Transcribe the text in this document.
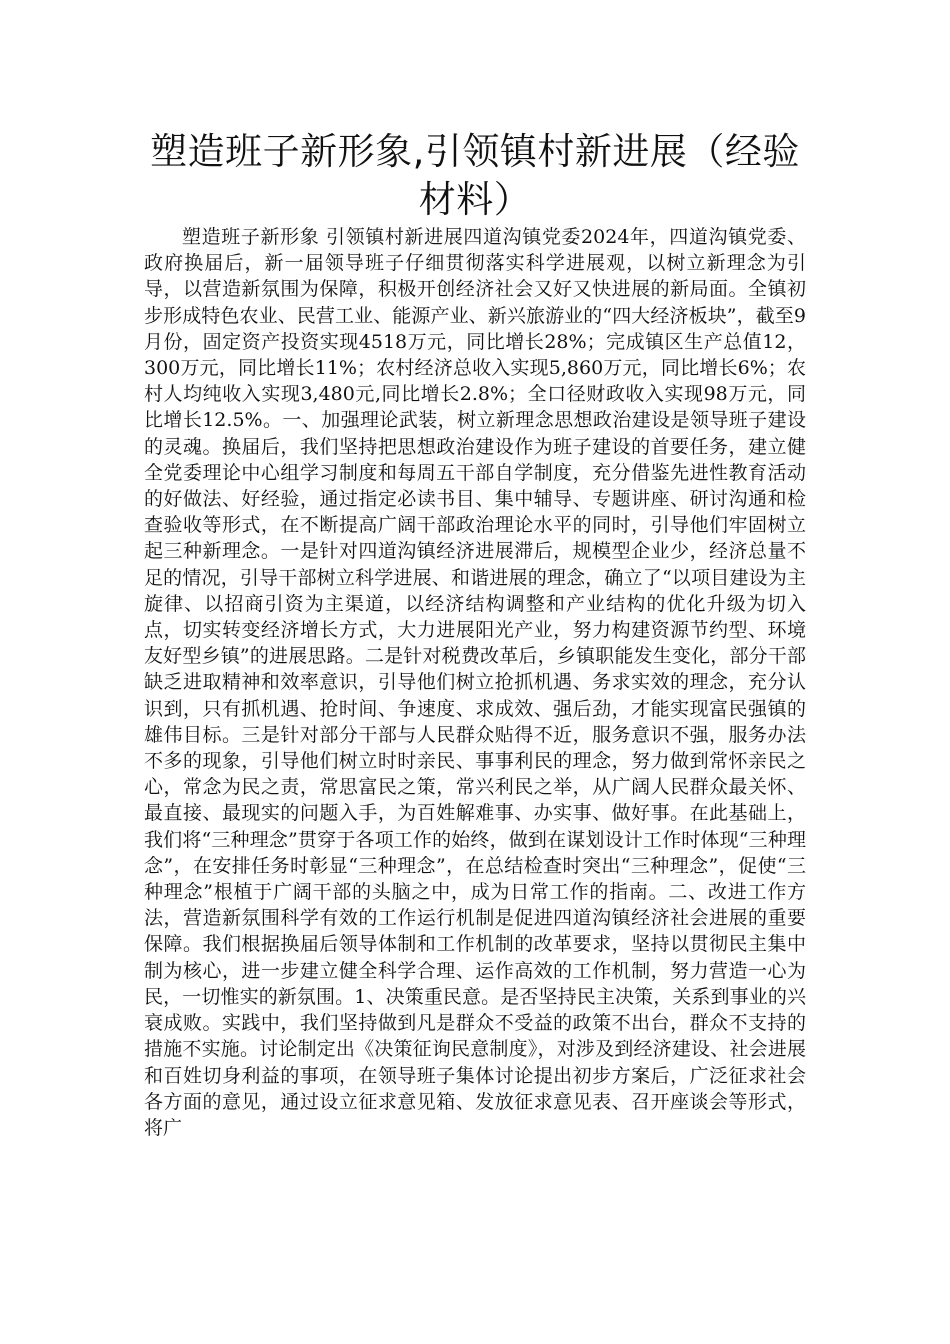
塑造班子新形象,引领镇村新进展（经验材料）

塑造班子新形象 引领镇村新进展四道沟镇党委2024年，四道沟镇党委、政府换届后，新一届领导班子仔细贯彻落实科学进展观，以树立新理念为引导，以营造新氛围为保障，积极开创经济社会又好又快进展的新局面。全镇初步形成特色农业、民营工业、能源产业、新兴旅游业的“四大经济板块”，截至9月份，固定资产投资实现4518万元，同比增长28%；完成镇区生产总值12，300万元，同比增长11%；农村经济总收入实现5,860万元，同比增长6%；农村人均纯收入实现3,480元,同比增长2.8%；全口径财政收入实现98万元，同比增长12.5%。一、加强理论武装，树立新理念思想政治建设是领导班子建设的灵魂。换届后，我们坚持把思想政治建设作为班子建设的首要任务，建立健全党委理论中心组学习制度和每周五干部自学制度，充分借鉴先进性教育活动的好做法、好经验，通过指定必读书目、集中辅导、专题讲座、研讨沟通和检查验收等形式，在不断提高广阔干部政治理论水平的同时，引导他们牢固树立起三种新理念。一是针对四道沟镇经济进展滞后，规模型企业少，经济总量不足的情况，引导干部树立科学进展、和谐进展的理念，确立了“以项目建设为主旋律、以招商引资为主渠道，以经济结构调整和产业结构的优化升级为切入点，切实转变经济增长方式，大力进展阳光产业，努力构建资源节约型、环境友好型乡镇”的进展思路。二是针对税费改革后，乡镇职能发生变化，部分干部缺乏进取精神和效率意识，引导他们树立抢抓机遇、务求实效的理念，充分认识到，只有抓机遇、抢时间、争速度、求成效、强后劲，才能实现富民强镇的雄伟目标。三是针对部分干部与人民群众贴得不近，服务意识不强，服务办法不多的现象，引导他们树立时时亲民、事事利民的理念，努力做到常怀亲民之心，常念为民之责，常思富民之策，常兴利民之举，从广阔人民群众最关怀、最直接、最现实的问题入手，为百姓解难事、办实事、做好事。在此基础上，我们将“三种理念”贯穿于各项工作的始终，做到在谋划设计工作时体现“三种理念”，在安排任务时彰显“三种理念”，在总结检查时突出“三种理念”，促使“三种理念”根植于广阔干部的头脑之中，成为日常工作的指南。二、改进工作方法，营造新氛围科学有效的工作运行机制是促进四道沟镇经济社会进展的重要保障。我们根据换届后领导体制和工作机制的改革要求，坚持以贯彻民主集中制为核心，进一步建立健全科学合理、运作高效的工作机制，努力营造一心为民，一切惟实的新氛围。1、决策重民意。是否坚持民主决策，关系到事业的兴衰成败。实践中，我们坚持做到凡是群众不受益的政策不出台，群众不支持的措施不实施。讨论制定出《决策征询民意制度》，对涉及到经济建设、社会进展和百姓切身利益的事项，在领导班子集体讨论提出初步方案后，广泛征求社会各方面的意见，通过设立征求意见箱、发放征求意见表、召开座谈会等形式，将广
